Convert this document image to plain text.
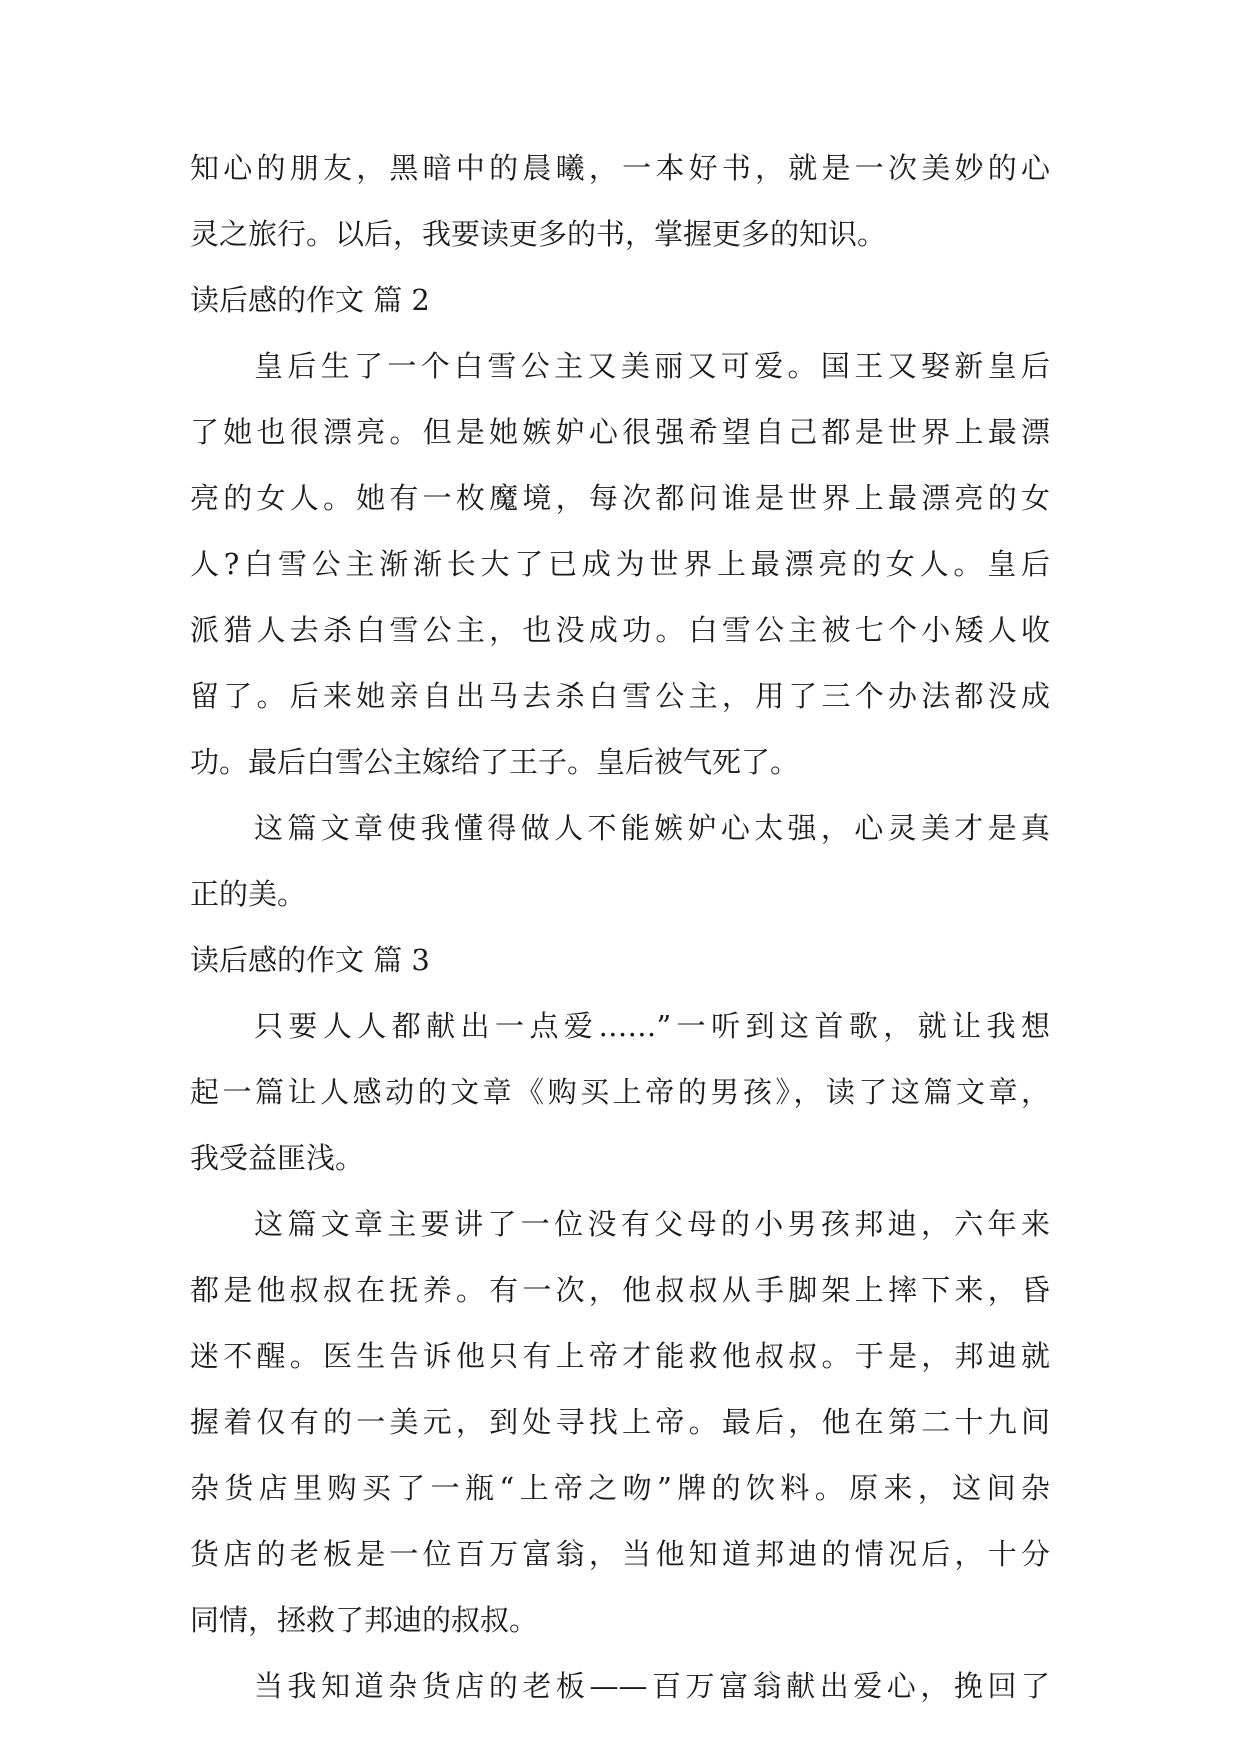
知心的朋友，黑暗中的晨曦，一本好书，就是一次美妙的心
灵之旅行。以后，我要读更多的书，掌握更多的知识。
读后感的作文 篇 2
皇后生了一个白雪公主又美丽又可爱。国王又娶新皇后
了她也很漂亮。但是她嫉妒心很强希望自己都是世界上最漂
亮的女人。她有一枚魔境，每次都问谁是世界上最漂亮的女
人?白雪公主渐渐长大了已成为世界上最漂亮的女人。皇后
派猎人去杀白雪公主，也没成功。白雪公主被七个小矮人收
留了。后来她亲自出马去杀白雪公主，用了三个办法都没成
功。最后白雪公主嫁给了王子。皇后被气死了。
这篇文章使我懂得做人不能嫉妒心太强，心灵美才是真
正的美。
读后感的作文 篇 3
只要人人都献出一点爱……”一听到这首歌，就让我想
起一篇让人感动的文章《购买上帝的男孩》，读了这篇文章，
我受益匪浅。
这篇文章主要讲了一位没有父母的小男孩邦迪，六年来
都是他叔叔在抚养。有一次，他叔叔从手脚架上摔下来，昏
迷不醒。医生告诉他只有上帝才能救他叔叔。于是，邦迪就
握着仅有的一美元，到处寻找上帝。最后，他在第二十九间
杂货店里购买了一瓶“上帝之吻”牌的饮料。原来，这间杂
货店的老板是一位百万富翁，当他知道邦迪的情况后，十分
同情，拯救了邦迪的叔叔。
当我知道杂货店的老板——百万富翁献出爱心，挽回了
